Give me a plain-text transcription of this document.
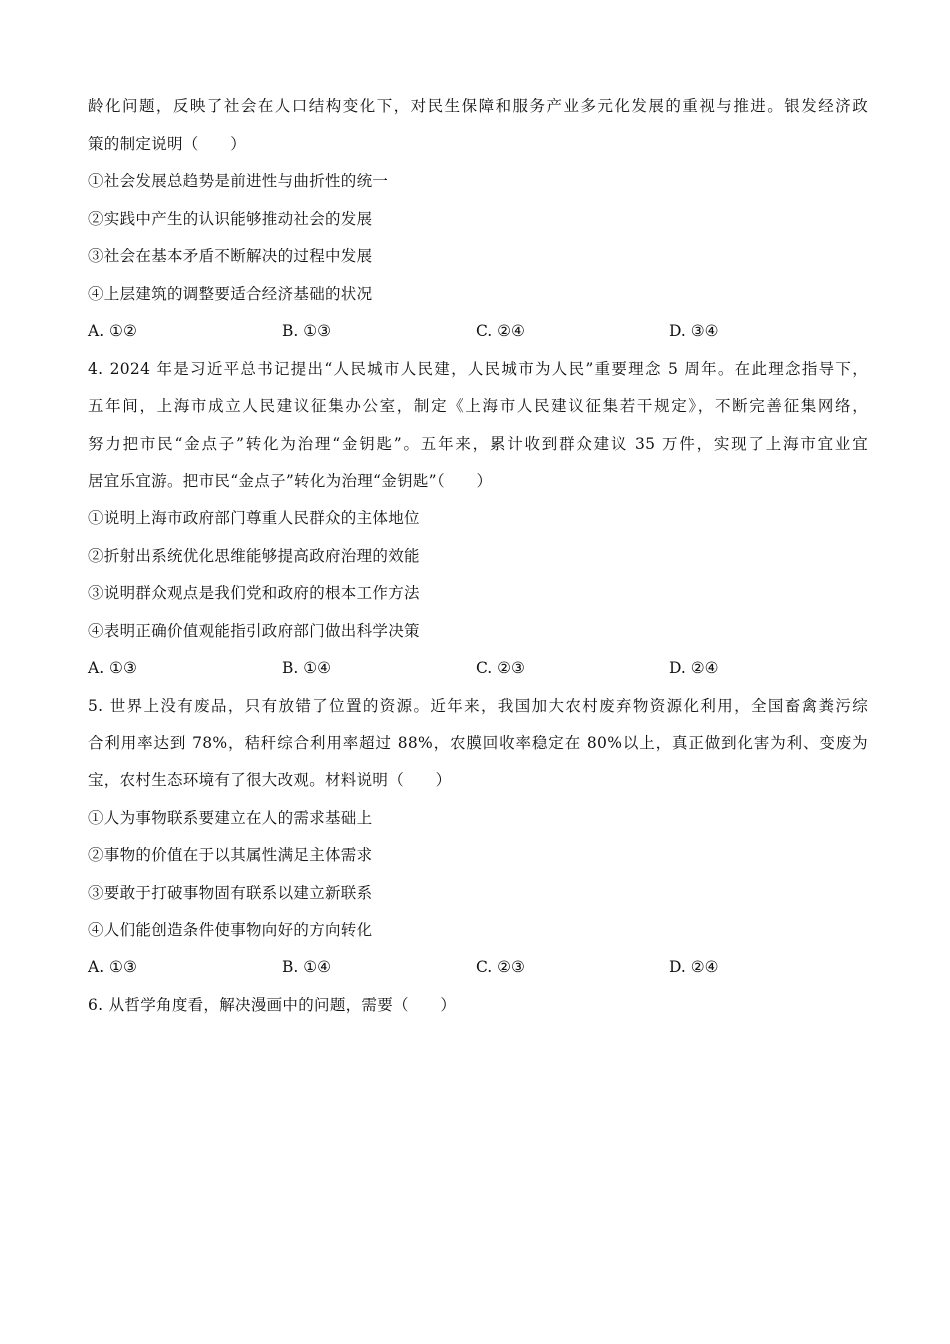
龄化问题，反映了社会在人口结构变化下，对民生保障和服务产业多元化发展的重视与推进。银发经济政
策的制定说明（　　）
①社会发展总趋势是前进性与曲折性的统一
②实践中产生的认识能够推动社会的发展
③社会在基本矛盾不断解决的过程中发展
④上层建筑的调整要适合经济基础的状况
A. ①②	B. ①③	C. ②④	D. ③④
4. 2024 年是习近平总书记提出“人民城市人民建，人民城市为人民”重要理念 5 周年。在此理念指导下，
五年间，上海市成立人民建议征集办公室，制定《上海市人民建议征集若干规定》，不断完善征集网络，
努力把市民“金点子”转化为治理“金钥匙”。五年来，累计收到群众建议 35 万件，实现了上海市宜业宜
居宜乐宜游。把市民“金点子”转化为治理“金钥匙”（　　）
①说明上海市政府部门尊重人民群众的主体地位
②折射出系统优化思维能够提高政府治理的效能
③说明群众观点是我们党和政府的根本工作方法
④表明正确价值观能指引政府部门做出科学决策
A. ①③	B. ①④	C. ②③	D. ②④
5. 世界上没有废品，只有放错了位置的资源。近年来，我国加大农村废弃物资源化利用，全国畜禽粪污综
合利用率达到 78%，秸秆综合利用率超过 88%，农膜回收率稳定在 80%以上，真正做到化害为利、变废为
宝，农村生态环境有了很大改观。材料说明（　　）
①人为事物联系要建立在人的需求基础上
②事物的价值在于以其属性满足主体需求
③要敢于打破事物固有联系以建立新联系
④人们能创造条件使事物向好的方向转化
A. ①③	B. ①④	C. ②③	D. ②④
6. 从哲学角度看，解决漫画中的问题，需要（　　）
